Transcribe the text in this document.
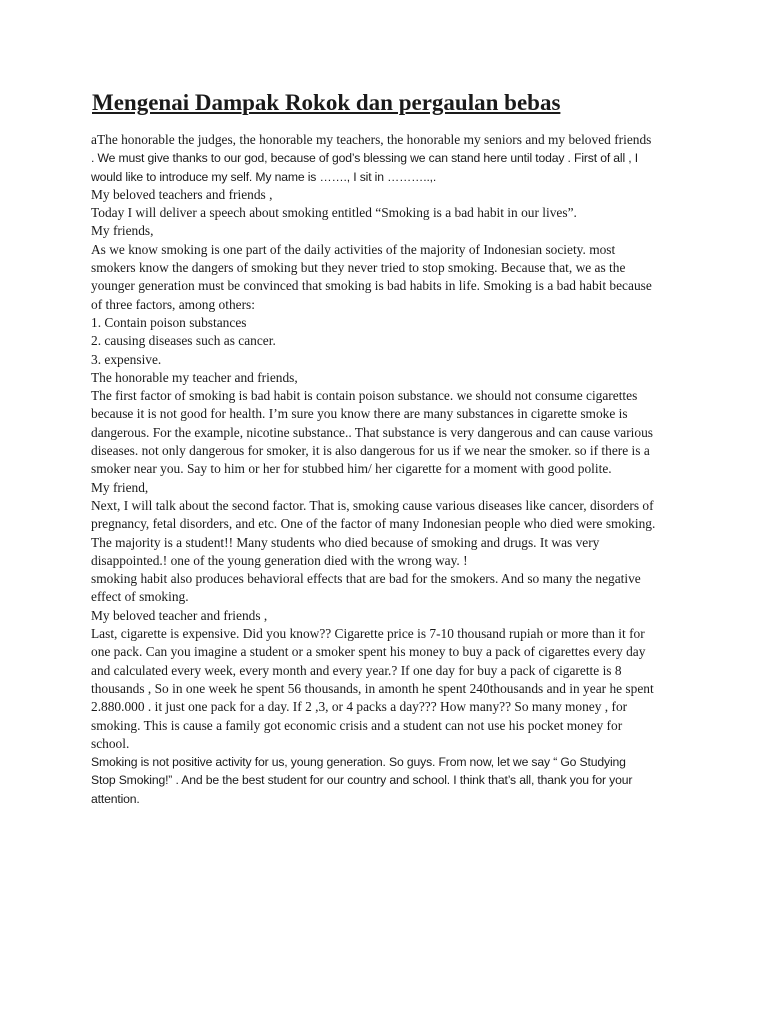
Mengenai Dampak Rokok dan pergaulan bebas
aThe honorable the judges, the honorable my teachers, the honorable my seniors and my beloved friends
. We must give thanks to our god, because of god’s blessing we can stand here until today . First of all , I
would like to introduce my self. My name is ……., I sit in ………..,.
My beloved teachers and friends ,
Today I will deliver a speech about smoking entitled “Smoking is a bad habit in our lives”.
My friends,
As we know smoking is one part of the daily activities of the majority of Indonesian society. most
smokers know the dangers of smoking but they never tried to stop smoking. Because that, we as the
younger generation must be convinced that smoking is bad habits in life. Smoking is a bad habit because
of three factors, among others:
1. Contain poison substances
2. causing diseases such as cancer.
3. expensive.
The honorable my teacher and friends,
The first factor of smoking is bad habit is contain poison substance. we should not consume cigarettes
because it is not good for health. I’m sure you know there are many substances in cigarette smoke is
dangerous. For the example, nicotine substance.. That substance is very dangerous and can cause various
diseases. not only dangerous for smoker, it is also dangerous for us if we near the smoker. so if there is a
smoker near you. Say to him or her for stubbed him/ her cigarette for a moment with good polite.
My friend,
Next, I will talk about the second factor. That is, smoking cause various diseases like cancer, disorders of
pregnancy, fetal disorders, and etc. One of the factor of many Indonesian people who died were smoking.
The majority is a student!! Many students who died because of smoking and drugs. It was very
disappointed.! one of the young generation died with the wrong way. !
smoking habit also produces behavioral effects that are bad for the smokers. And so many the negative
effect of smoking.
My beloved teacher and friends ,
Last, cigarette is expensive. Did you know?? Cigarette price is 7-10 thousand rupiah or more than it for
one pack. Can you imagine a student or a smoker spent his money to buy a pack of cigarettes every day
and calculated every week, every month and every year.? If one day for buy a pack of cigarette is 8
thousands , So in one week he spent 56 thousands, in amonth he spent 240thousands and in year he spent
2.880.000 . it just one pack for a day. If 2 ,3, or 4 packs a day??? How many?? So many money , for
smoking. This is cause a family got economic crisis and a student can not use his pocket money for
school.
Smoking is not positive activity for us, young generation. So guys. From now, let we say “ Go Studying
Stop Smoking!” . And be the best student for our country and school. I think that’s all, thank you for your
attention.
